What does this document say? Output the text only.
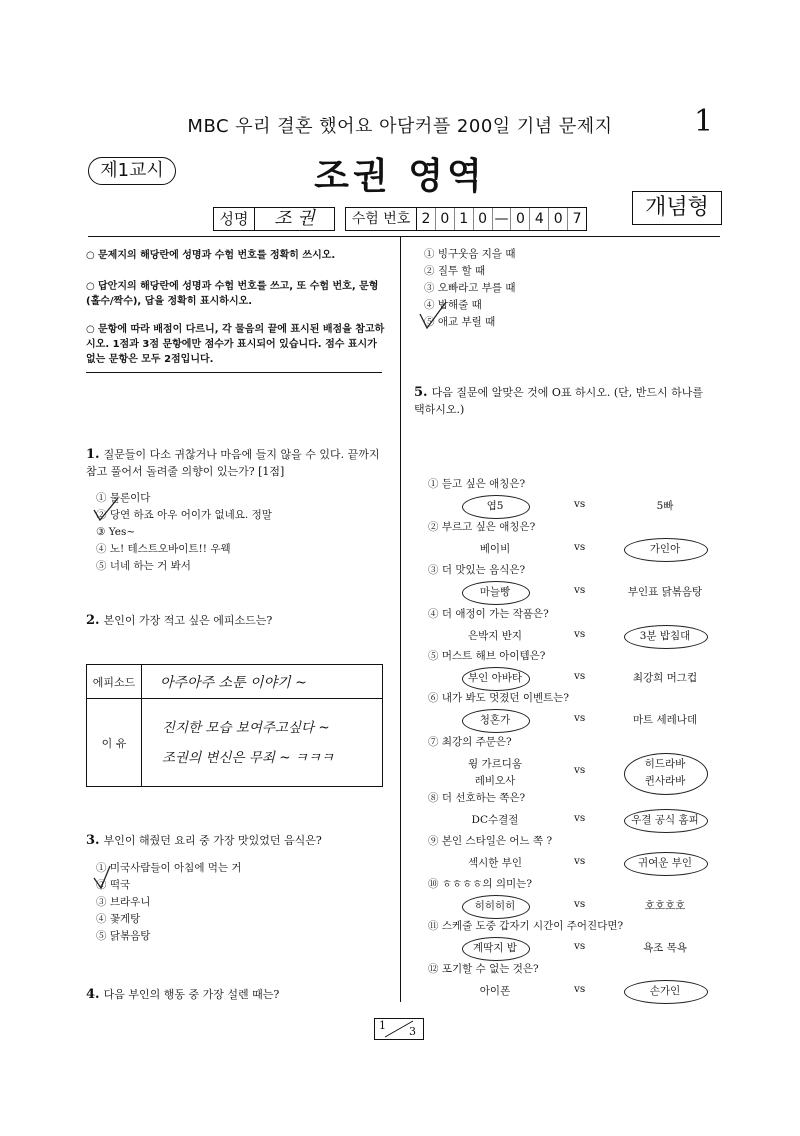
MBC 우리 결혼 했어요 아담커플 200일 기념 문제지	1
제1교시	조권 영역
개념형
성명	조 권	수험 번호 2 0 1 0 — 0 4 0 7
○ 문제지의 해당란에 성명과 수험 번호를 정확히 쓰시오.
○ 답안지의 해당란에 성명과 수험 번호를 쓰고, 또 수험 번호, 문형(홀수/짝수), 답을 정확히 표시하시오.
○ 문항에 따라 배점이 다르니, 각 물음의 끝에 표시된 배점을 참고하시오. 1점과 3점 문항에만 점수가 표시되어 있습니다. 점수 표시가 없는 문항은 모두 2점입니다.
1. 질문들이 다소 귀찮거나 마음에 들지 않을 수 있다. 끝까지 참고 풀어서 돌려줄 의향이 있는가? [1점]
① 물론이다
② 당연 하죠 아우 어이가 없네요. 정말
③ Yes~
④ 노! 테스트오바이트!! 우웩
⑤ 너네 하는 거 봐서
2. 본인이 가장 적고 싶은 에피소드는?
에피소드	아주아주 소툰 이야기 ~
이 유	진지한 모습 보여주고싶다 ~
조권의 변신은 무죄 ~ ㅋㅋㅋ
3. 부인이 해줬던 요리 중 가장 맛있었던 음식은?
① 미국사람들이 아침에 먹는 거
② 떡국
③ 브라우니
④ 꽃게탕
⑤ 닭볶음탕
4. 다음 부인의 행동 중 가장 설렌 때는?
① 빙구웃음 지을 때
② 질투 할 때
③ 오빠라고 부를 때
④ 밥해줄 때
⑤ 애교 부릴 때
5. 다음 질문에 알맞은 것에 O표 하시오. (단, 반드시 하나를 택하시오.)
① 듣고 싶은 애칭은?
엽5	vs	5빠
② 부르고 싶은 애칭은?
베이비	vs	가인아
③ 더 맛있는 음식은?
마늘빵	vs	부인표 닭볶음탕
④ 더 애정이 가는 작품은?
은박지 반지	vs	3분 밥침대
⑤ 머스트 해브 아이템은?
부인 아바타	vs	최강희 머그컵
⑥ 내가 봐도 멋졌던 이벤트는?
청혼가	vs	마트 세레나데
⑦ 최강의 주문은?
윙 가르디움
레비오사
vs	히드라바
퀸사라바
⑧ 더 선호하는 쪽은?
DC수결절	vs	우결 공식 홈피
⑨ 본인 스타일은 어느 쪽 ?
섹시한 부인	vs	귀여운 부인
⑩ ㅎㅎㅎㅎ의 의미는?
히히히히	vs	호호호호
⑪ 스케줄 도중 갑자기 시간이 주어진다면?
계딱지 밥	vs	욕조 목욕
⑫ 포기할 수 없는 것은?
아이폰	vs	손가인
1 3
